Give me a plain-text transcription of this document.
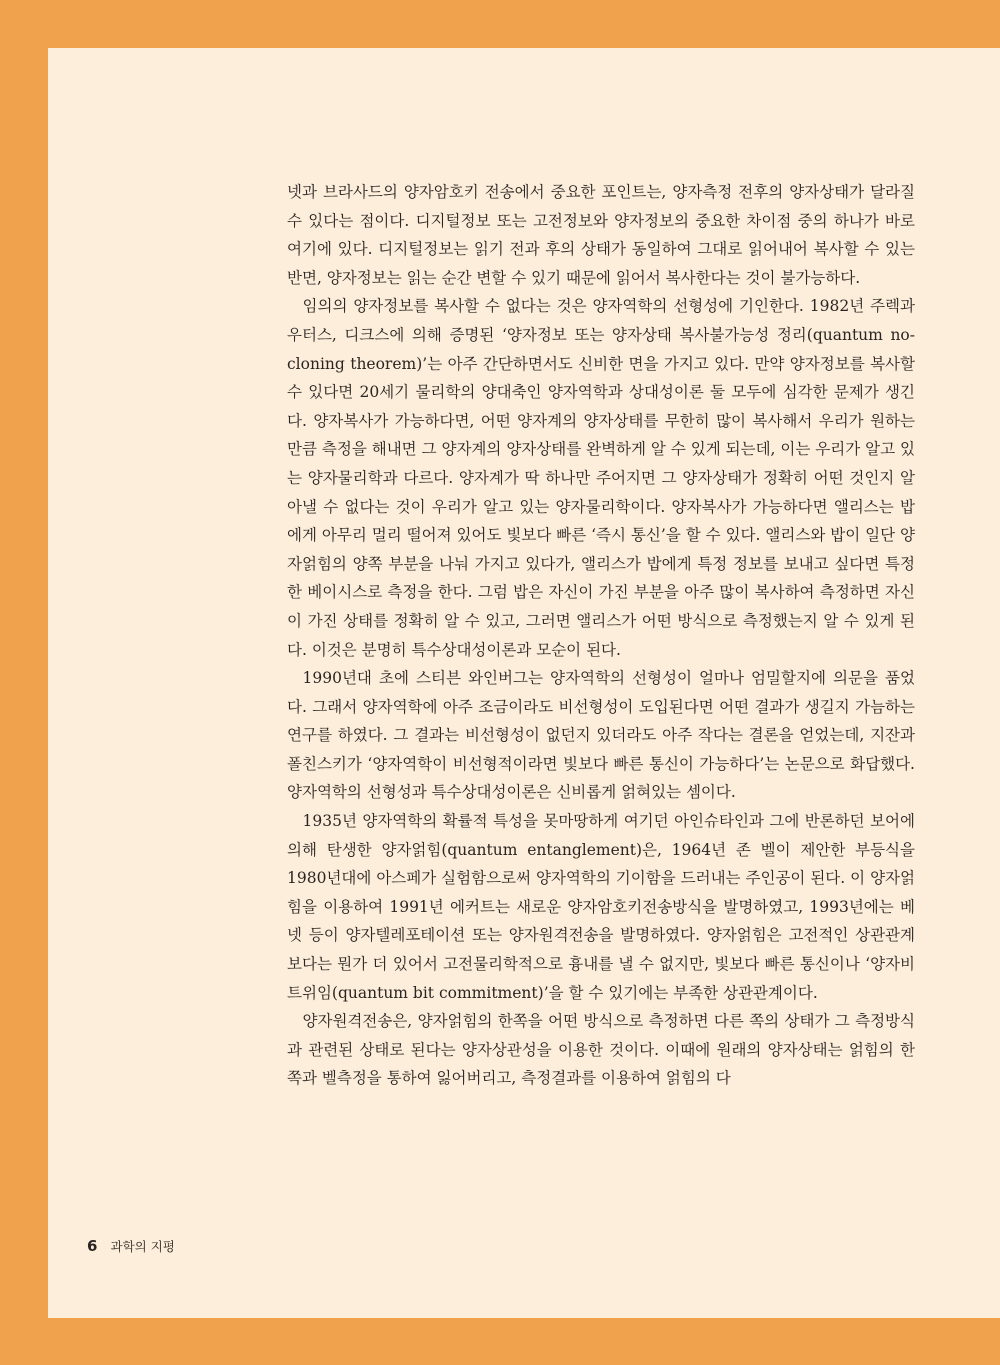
넷과 브라사드의 양자암호키 전송에서 중요한 포인트는, 양자측정 전후의 양자상태가 달라질 수 있다는 점이다. 디지털정보 또는 고전정보와 양자정보의 중요한 차이점 중의 하나가 바로 여기에 있다. 디지털정보는 읽기 전과 후의 상태가 동일하여 그대로 읽어내어 복사할 수 있는 반면, 양자정보는 읽는 순간 변할 수 있기 때문에 읽어서 복사한다는 것이 불가능하다.

임의의 양자정보를 복사할 수 없다는 것은 양자역학의 선형성에 기인한다. 1982년 주렉과 우터스, 디크스에 의해 증명된 ‘양자정보 또는 양자상태 복사불가능성 정리(quantum no-cloning theorem)’는 아주 간단하면서도 신비한 면을 가지고 있다. 만약 양자정보를 복사할 수 있다면 20세기 물리학의 양대축인 양자역학과 상대성이론 둘 모두에 심각한 문제가 생긴다. 양자복사가 가능하다면, 어떤 양자계의 양자상태를 무한히 많이 복사해서 우리가 원하는 만큼 측정을 해내면 그 양자계의 양자상태를 완벽하게 알 수 있게 되는데, 이는 우리가 알고 있는 양자물리학과 다르다. 양자계가 딱 하나만 주어지면 그 양자상태가 정확히 어떤 것인지 알아낼 수 없다는 것이 우리가 알고 있는 양자물리학이다. 양자복사가 가능하다면 앨리스는 밥에게 아무리 멀리 떨어져 있어도 빛보다 빠른 ‘즉시 통신’을 할 수 있다. 앨리스와 밥이 일단 양자얽힘의 양쪽 부분을 나눠 가지고 있다가, 앨리스가 밥에게 특정 정보를 보내고 싶다면 특정한 베이시스로 측정을 한다. 그럼 밥은 자신이 가진 부분을 아주 많이 복사하여 측정하면 자신이 가진 상태를 정확히 알 수 있고, 그러면 앨리스가 어떤 방식으로 측정했는지 알 수 있게 된다. 이것은 분명히 특수상대성이론과 모순이 된다.

1990년대 초에 스티븐 와인버그는 양자역학의 선형성이 얼마나 엄밀할지에 의문을 품었다. 그래서 양자역학에 아주 조금이라도 비선형성이 도입된다면 어떤 결과가 생길지 가늠하는 연구를 하였다. 그 결과는 비선형성이 없던지 있더라도 아주 작다는 결론을 얻었는데, 지잔과 폴친스키가 ‘양자역학이 비선형적이라면 빛보다 빠른 통신이 가능하다’는 논문으로 화답했다. 양자역학의 선형성과 특수상대성이론은 신비롭게 얽혀있는 셈이다.

1935년 양자역학의 확률적 특성을 못마땅하게 여기던 아인슈타인과 그에 반론하던 보어에 의해 탄생한 양자얽힘(quantum entanglement)은, 1964년 존 벨이 제안한 부등식을 1980년대에 아스페가 실험함으로써 양자역학의 기이함을 드러내는 주인공이 된다. 이 양자얽힘을 이용하여 1991년 에커트는 새로운 양자암호키전송방식을 발명하였고, 1993년에는 베넷 등이 양자텔레포테이션 또는 양자원격전송을 발명하였다. 양자얽힘은 고전적인 상관관계보다는 뭔가 더 있어서 고전물리학적으로 흉내를 낼 수 없지만, 빛보다 빠른 통신이나 ‘양자비트위임(quantum bit commitment)’을 할 수 있기에는 부족한 상관관계이다.

양자원격전송은, 양자얽힘의 한쪽을 어떤 방식으로 측정하면 다른 쪽의 상태가 그 측정방식과 관련된 상태로 된다는 양자상관성을 이용한 것이다. 이때에 원래의 양자상태는 얽힘의 한쪽과 벨측정을 통하여 잃어버리고, 측정결과를 이용하여 얽힘의 다

6 과학의 지평
